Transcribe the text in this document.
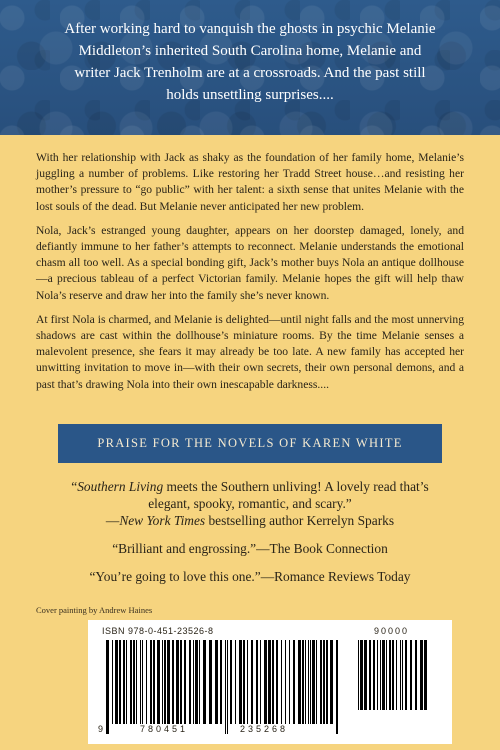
After working hard to vanquish the ghosts in psychic Melanie Middleton’s inherited South Carolina home, Melanie and writer Jack Trenholm are at a crossroads. And the past still holds unsettling surprises....

With her relationship with Jack as shaky as the foundation of her family home, Melanie’s juggling a number of problems. Like restoring her Tradd Street house…and resisting her mother’s pressure to “go public” with her talent: a sixth sense that unites Melanie with the lost souls of the dead. But Melanie never anticipated her new problem.

Nola, Jack’s estranged young daughter, appears on her doorstep damaged, lonely, and defiantly immune to her father’s attempts to reconnect. Melanie understands the emotional chasm all too well. As a special bonding gift, Jack’s mother buys Nola an antique dollhouse—a precious tableau of a perfect Victorian family. Melanie hopes the gift will help thaw Nola’s reserve and draw her into the family she’s never known.

At first Nola is charmed, and Melanie is delighted—until night falls and the most unnerving shadows are cast within the dollhouse’s miniature rooms. By the time Melanie senses a malevolent presence, she fears it may already be too late. A new family has accepted her unwitting invitation to move in—with their own secrets, their own personal demons, and a past that’s drawing Nola into their own inescapable darkness....

PRAISE FOR THE NOVELS OF KAREN WHITE
“Southern Living meets the Southern unliving! A lovely read that’s elegant, spooky, romantic, and scary.”
—New York Times bestselling author Kerrelyn Sparks
“Brilliant and engrossing.”—The Book Connection
“You’re going to love this one.”—Romance Reviews Today
Cover painting by Andrew Haines
ISBN 978-0-451-23526-8
9	780451	235268
90000
